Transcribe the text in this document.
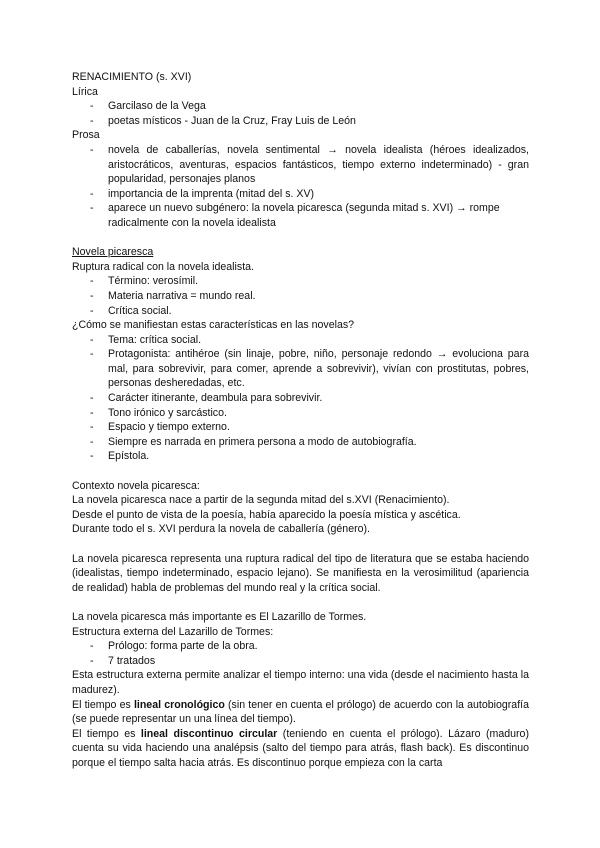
RENACIMIENTO (s. XVI)
Lírica
- Garcilaso de la Vega
- poetas místicos - Juan de la Cruz, Fray Luis de León
Prosa
- novela de caballerías, novela sentimental → novela idealista (héroes idealizados, aristocráticos, aventuras, espacios fantásticos, tiempo externo indeterminado) - gran popularidad, personajes planos
- importancia de la imprenta (mitad del s. XV)
- aparece un nuevo subgénero: la novela picaresca (segunda mitad s. XVI) → rompe radicalmente con la novela idealista
Novela picaresca
Ruptura radical con la novela idealista.
- Término: verosímil.
- Materia narrativa = mundo real.
- Crítica social.
¿Cómo se manifiestan estas características en las novelas?
- Tema: crítica social.
- Protagonista: antihéroe (sin linaje, pobre, niño, personaje redondo → evoluciona para mal, para sobrevivir, para comer, aprende a sobrevivir), vivían con prostitutas, pobres, personas desheredadas, etc.
- Carácter itinerante, deambula para sobrevivir.
- Tono irónico y sarcástico.
- Espacio y tiempo externo.
- Siempre es narrada en primera persona a modo de autobiografía.
- Epístola.
Contexto novela picaresca:
La novela picaresca nace a partir de la segunda mitad del s.XVI (Renacimiento).
Desde el punto de vista de la poesía, había aparecido la poesía mística y ascética.
Durante todo el s. XVI perdura la novela de caballería (género).
La novela picaresca representa una ruptura radical del tipo de literatura que se estaba haciendo (idealistas, tiempo indeterminado, espacio lejano). Se manifiesta en la verosimilitud (apariencia de realidad) habla de problemas del mundo real y la crítica social.
La novela picaresca más importante es El Lazarillo de Tormes.
Estructura externa del Lazarillo de Tormes:
- Prólogo: forma parte de la obra.
- 7 tratados
Esta estructura externa permite analizar el tiempo interno: una vida (desde el nacimiento hasta la madurez).
El tiempo es lineal cronológico (sin tener en cuenta el prólogo) de acuerdo con la autobiografía (se puede representar un una línea del tiempo).
El tiempo es lineal discontinuo circular (teniendo en cuenta el prólogo). Lázaro (maduro) cuenta su vida haciendo una analépsis (salto del tiempo para atrás, flash back). Es discontinuo porque el tiempo salta hacia atrás. Es discontinuo porque empieza con la carta
